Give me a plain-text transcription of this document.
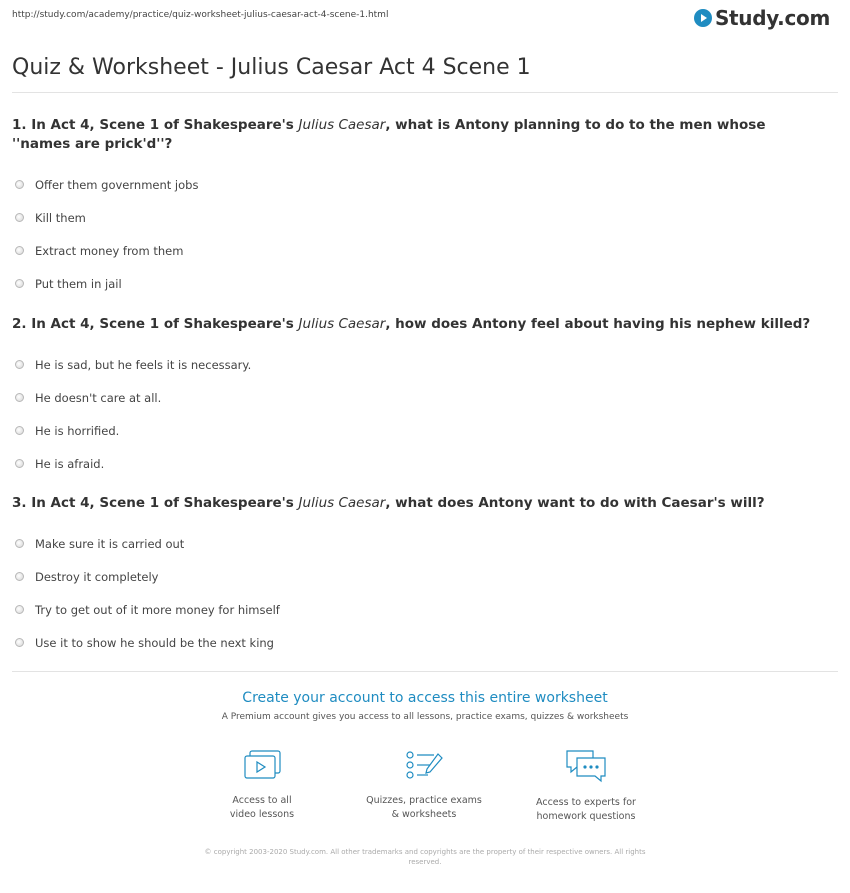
http://study.com/academy/practice/quiz-worksheet-julius-caesar-act-4-scene-1.html	Study.com
Quiz & Worksheet - Julius Caesar Act 4 Scene 1
1. In Act 4, Scene 1 of Shakespeare's Julius Caesar, what is Antony planning to do to the men whose ''names are prick'd''?
Offer them government jobs
Kill them
Extract money from them
Put them in jail
2. In Act 4, Scene 1 of Shakespeare's Julius Caesar, how does Antony feel about having his nephew killed?
He is sad, but he feels it is necessary.
He doesn't care at all.
He is horrified.
He is afraid.
3. In Act 4, Scene 1 of Shakespeare's Julius Caesar, what does Antony want to do with Caesar's will?
Make sure it is carried out
Destroy it completely
Try to get out of it more money for himself
Use it to show he should be the next king
Create your account to access this entire worksheet
A Premium account gives you access to all lessons, practice exams, quizzes & worksheets
Access to all
video lessons
Quizzes, practice exams
& worksheets
Access to experts for
homework questions
© copyright 2003-2020 Study.com. All other trademarks and copyrights are the property of their respective owners. All rights
reserved.
